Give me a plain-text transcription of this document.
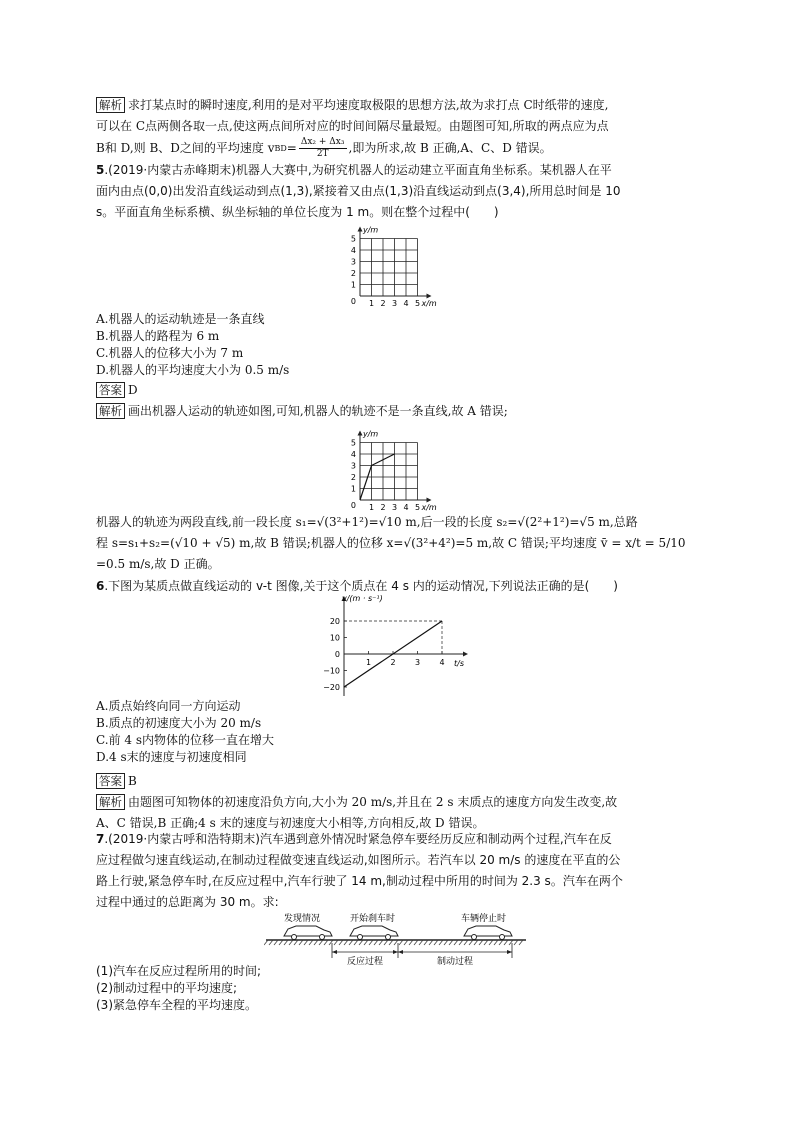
解析 求打某点时的瞬时速度,利用的是对平均速度取极限的思想方法,故为求打点 C时纸带的速度,
可以在 C点两侧各取一点,使这两点间所对应的时间间隔尽量最短。由题图可知,所取的两点应为点
B和 D,则 B、D之间的平均速度 v BD = $\frac{\text{Δx₂ + Δx₃}}{2T}$ ,即为所求,故 B 正确,A、C、D 错误。
5.(2019·内蒙古赤峰期末)机器人大赛中,为研究机器人的运动建立平面直角坐标系。某机器人在平
面内由点(0,0)出发沿直线运动到点(1,3),紧接着又由点(1,3)沿直线运动到点(3,4),所用总时间是 10
s。平面直角坐标系横、纵坐标轴的单位长度为 1 m。则在整个过程中(　　)
y/m
x/m
1
1
2
2
3
3
4
4
5
5
0
A.机器人的运动轨迹是一条直线
B.机器人的路程为 6 m
C.机器人的位移大小为 7 m
D.机器人的平均速度大小为 0.5 m/s
答案 D
解析 画出机器人运动的轨迹如图,可知,机器人的轨迹不是一条直线,故 A 错误;
y/m
x/m
1
1
2
2
3
3
4
4
5
5
0
机器人的轨迹为两段直线,前一段长度 s₁=√(3²+1²)=√10 m,后一段的长度 s₂=√(2²+1²)=√5 m,总路
程 s=s₁+s₂=(√10 + √5) m,故 B 错误;机器人的位移 x=√(3²+4²)=5 m,故 C 错误;平均速度 v̄ = x/t = 5/10
=0.5 m/s,故 D 正确。
6.下图为某质点做直线运动的 v-t 图像,关于这个质点在 4 s 内的运动情况,下列说法正确的是(　　)
v/(m · s⁻¹)
t/s
20
10
0
−10
−20
1 2 3 4
A.质点始终向同一方向运动
B.质点的初速度大小为 20 m/s
C.前 4 s内物体的位移一直在增大
D.4 s末的速度与初速度相同
答案 B
解析 由题图可知物体的初速度沿负方向,大小为 20 m/s,并且在 2 s 末质点的速度方向发生改变,故
A、C 错误,B 正确;4 s 末的速度与初速度大小相等,方向相反,故 D 错误。
7.(2019·内蒙古呼和浩特期末)汽车遇到意外情况时紧急停车要经历反应和制动两个过程,汽车在反
应过程做匀速直线运动,在制动过程做变速直线运动,如图所示。若汽车以 20 m/s 的速度在平直的公
路上行驶,紧急停车时,在反应过程中,汽车行驶了 14 m,制动过程中所用的时间为 2.3 s。汽车在两个
过程中通过的总距离为 30 m。求:
发现情况	开始刹车时	车辆停止时
反应过程	制动过程
(1)汽车在反应过程所用的时间;
(2)制动过程中的平均速度;
(3)紧急停车全程的平均速度。
